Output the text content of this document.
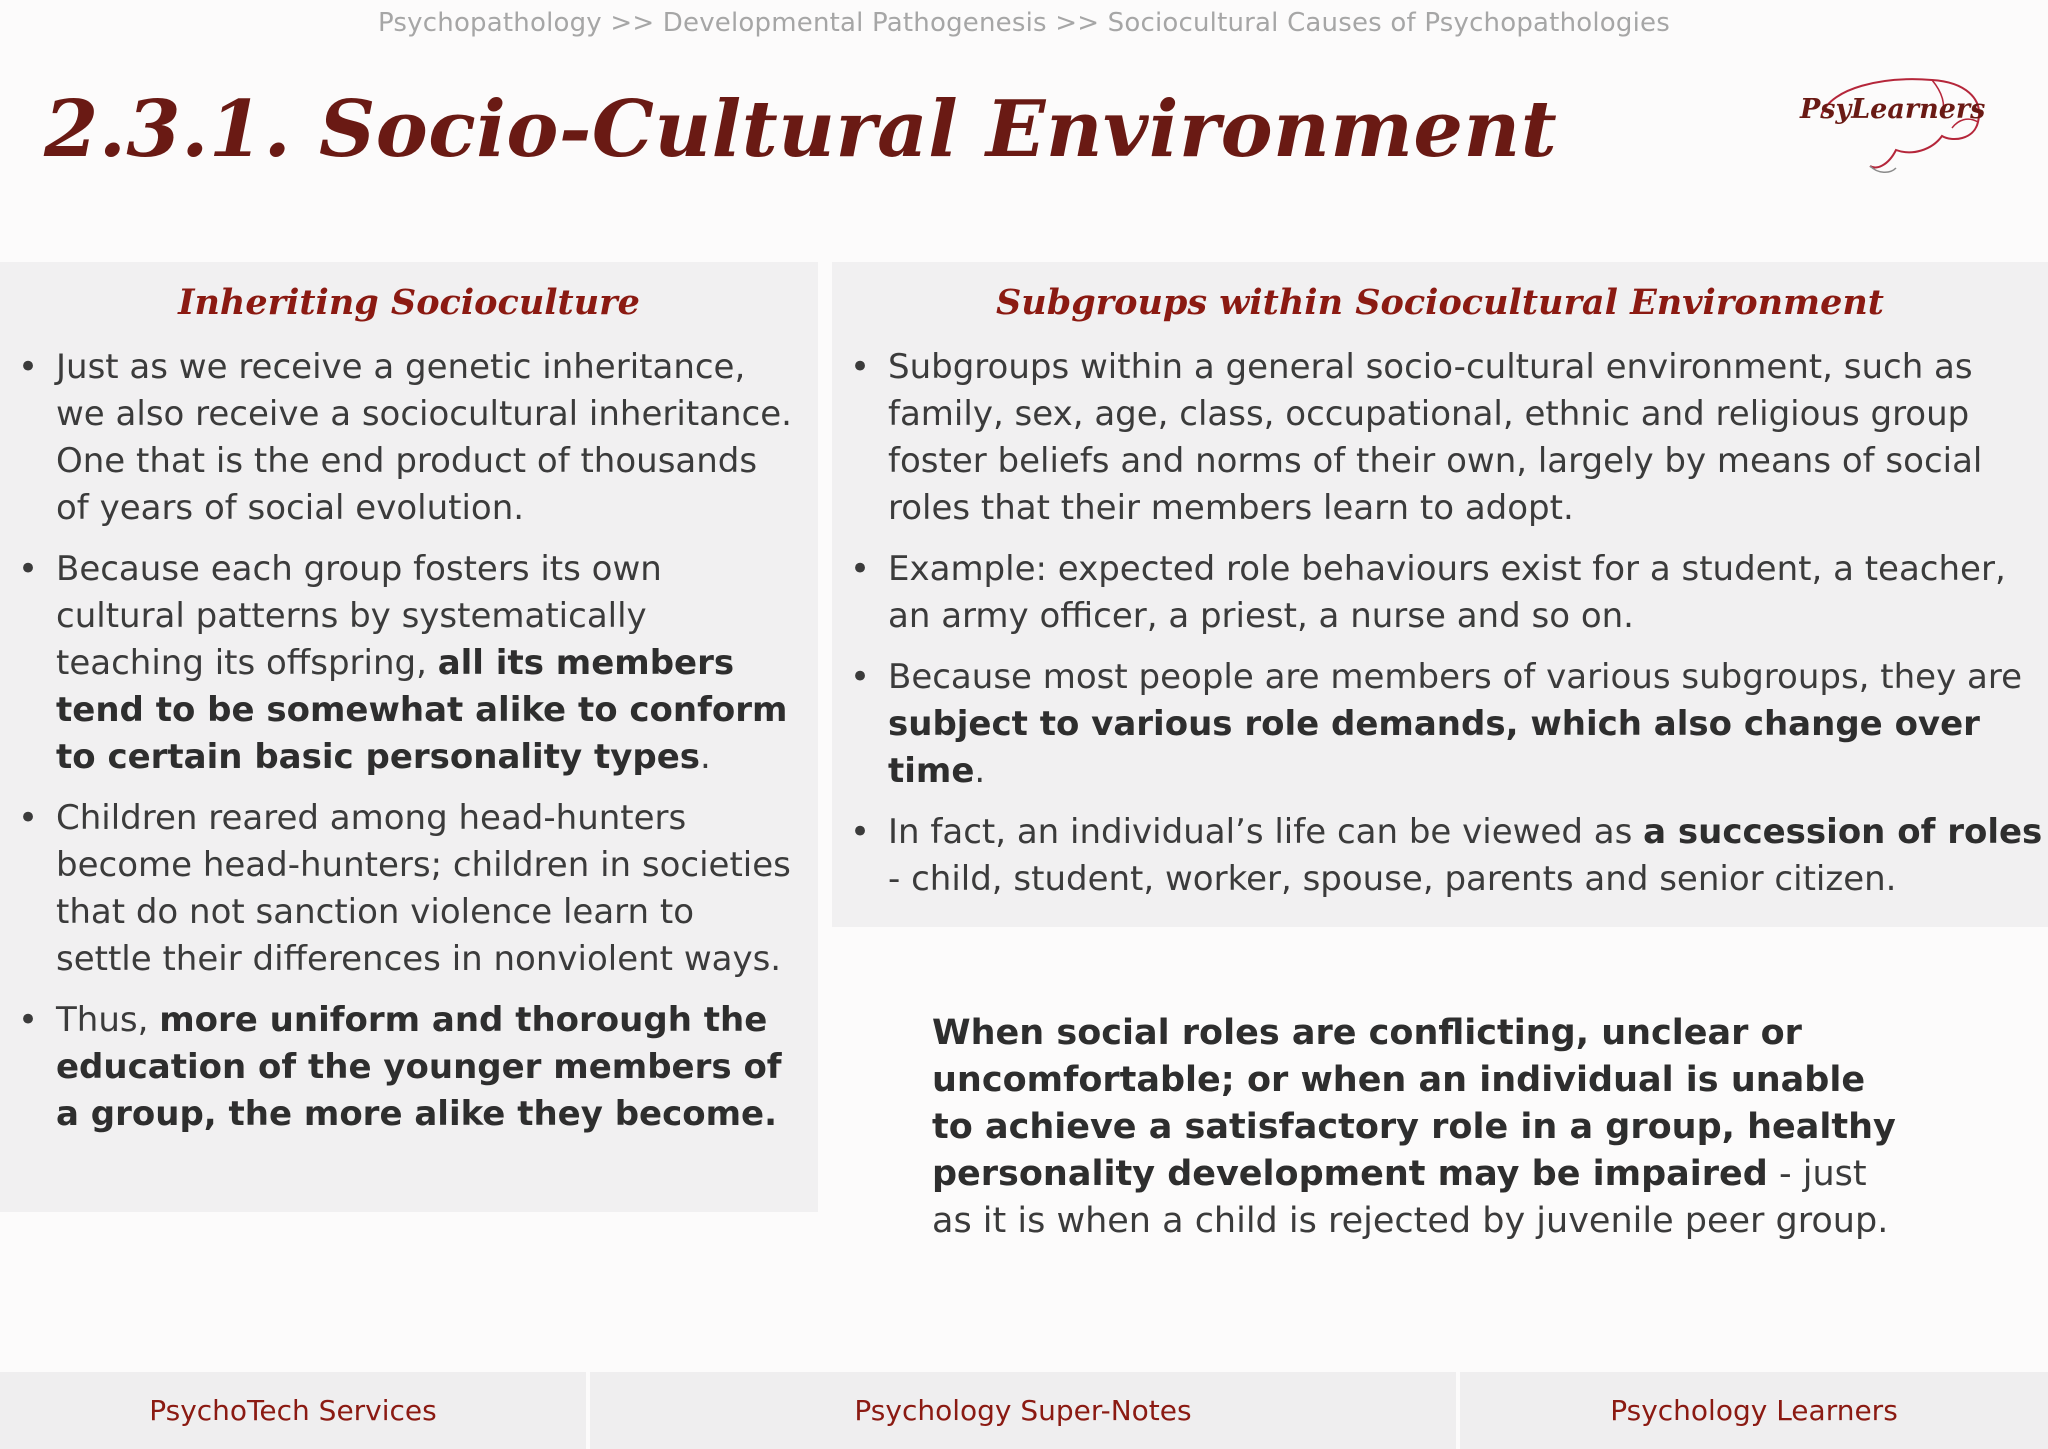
Psychopathology >> Developmental Pathogenesis >> Sociocultural Causes of Psychopathologies
2.3.1. Socio-Cultural Environment	PsyLearners
Inheriting Socioculture
• Just as we receive a genetic inheritance, we also receive a sociocultural inheritance. One that is the end product of thousands of years of social evolution.
• Because each group fosters its own cultural patterns by systematically teaching its offspring, all its members tend to be somewhat alike to conform to certain basic personality types.
• Children reared among head-hunters become head-hunters; children in societies that do not sanction violence learn to settle their differences in nonviolent ways.
• Thus, more uniform and thorough the education of the younger members of a group, the more alike they become.
Subgroups within Sociocultural Environment
• Subgroups within a general socio-cultural environment, such as family, sex, age, class, occupational, ethnic and religious group foster beliefs and norms of their own, largely by means of social roles that their members learn to adopt.
• Example: expected role behaviours exist for a student, a teacher, an army officer, a priest, a nurse and so on.
• Because most people are members of various subgroups, they are subject to various role demands, which also change over time.
• In fact, an individual’s life can be viewed as a succession of roles - child, student, worker, spouse, parents and senior citizen.
When social roles are conflicting, unclear or uncomfortable; or when an individual is unable to achieve a satisfactory role in a group, healthy personality development may be impaired - just as it is when a child is rejected by juvenile peer group.
PsychoTech Services	Psychology Super-Notes	Psychology Learners
